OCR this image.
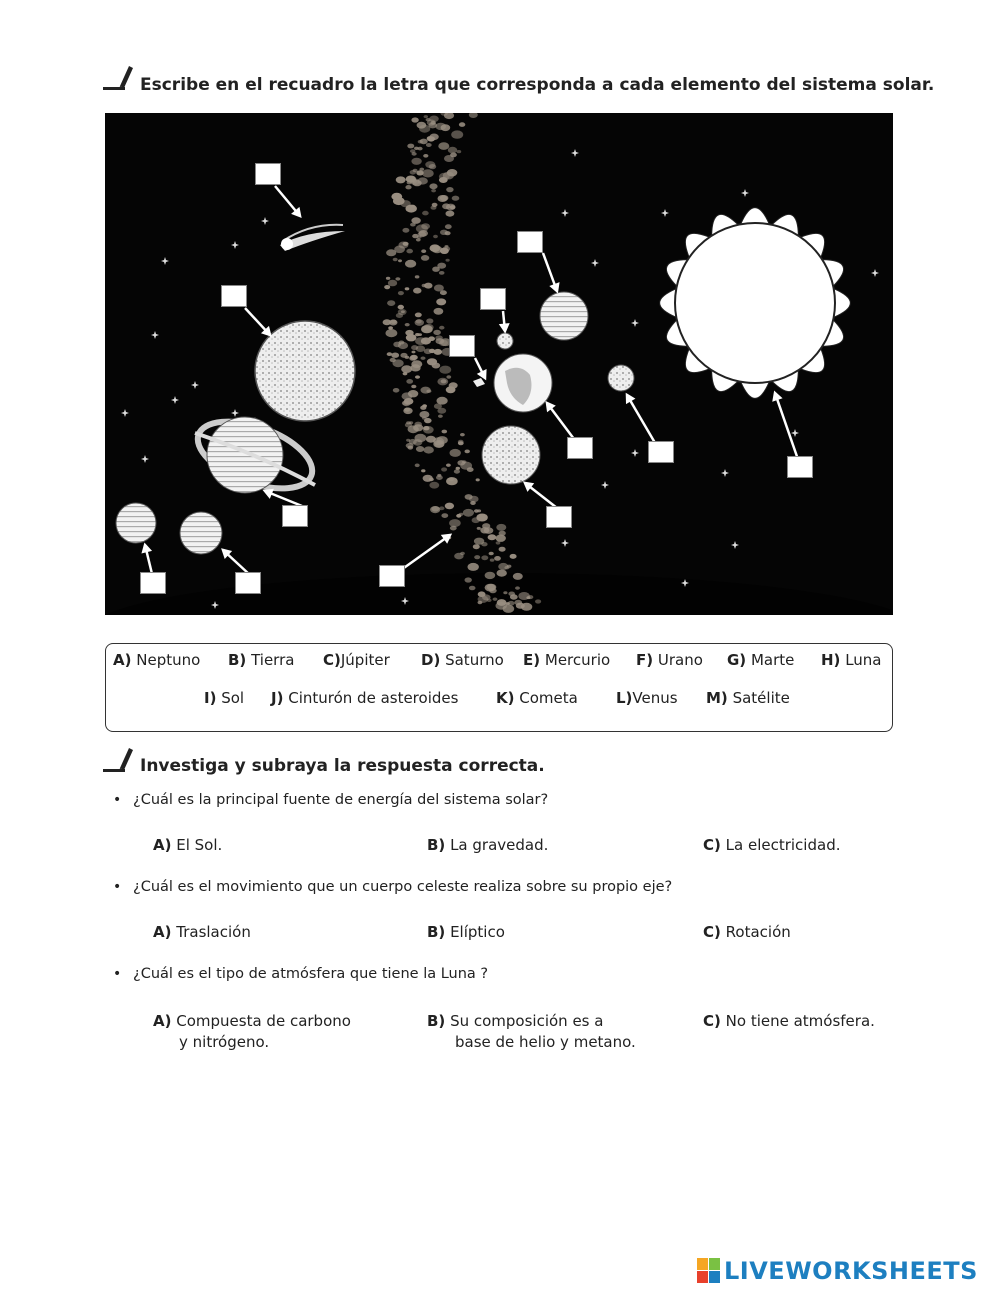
Escribe en el recuadro la letra que corresponda a cada elemento del sistema solar.
A) Neptuno B) Tierra C)Júpiter D) Saturno E) Mercurio F) Urano G) Marte H) Luna
I) Sol J) Cinturón de asteroides	K) Cometa	L)Venus M) Satélite
Investiga y subraya la respuesta correcta.
• ¿Cuál es la principal fuente de energía del sistema solar?
A) El Sol.	B) La gravedad.	C) La electricidad.
• ¿Cuál es el movimiento que un cuerpo celeste realiza sobre su propio eje?
A) Traslación	B) Elíptico	C) Rotación
• ¿Cuál es el tipo de atmósfera que tiene la Luna ?
A) Compuesta de carbono
y nitrógeno.
B) Su composición es a
base de helio y metano.
C) No tiene atmósfera.
LIVEWORKSHEETS
